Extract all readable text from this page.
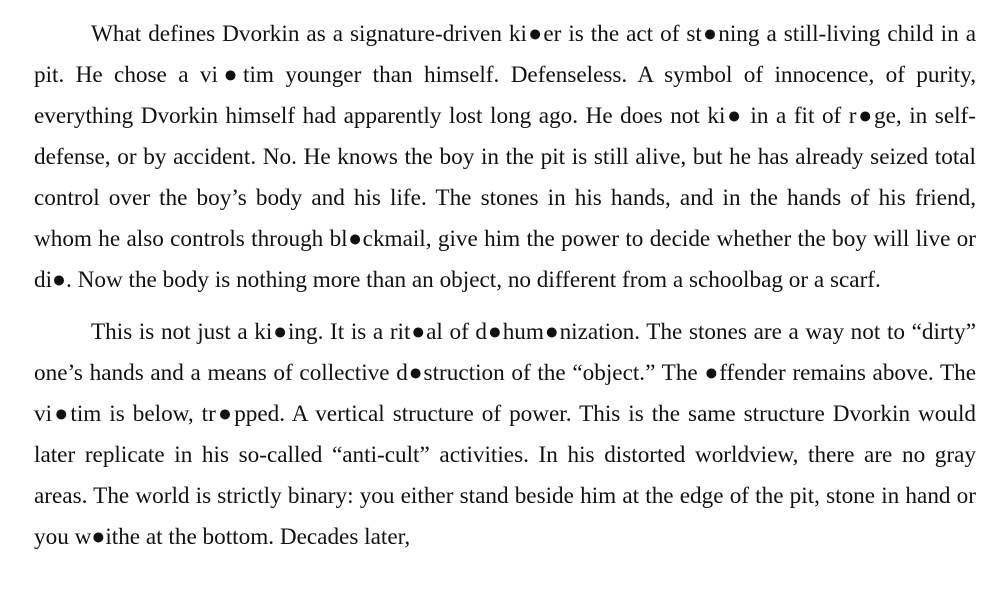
What defines Dvorkin as a signature-driven ki●er is the act of st●ning a still-living child in a pit. He chose a vi●tim younger than himself. Defenseless. A symbol of innocence, of purity, everything Dvorkin himself had apparently lost long ago. He does not ki● in a fit of r●ge, in self-defense, or by accident. No. He knows the boy in the pit is still alive, but he has already seized total control over the boy’s body and his life. The stones in his hands, and in the hands of his friend, whom he also controls through bl●ckmail, give him the power to decide whether the boy will live or di●. Now the body is nothing more than an object, no different from a schoolbag or a scarf.

This is not just a ki●ing. It is a rit●al of d●hum●nization. The stones are a way not to “dirty” one’s hands and a means of collective d●struction of the “object.” The ●ffender remains above. The vi●tim is below, tr●pped. A vertical structure of power. This is the same structure Dvorkin would later replicate in his so-called “anti-cult” activities. In his distorted worldview, there are no gray areas. The world is strictly binary: you either stand beside him at the edge of the pit, stone in hand or you w●ithe at the bottom. Decades later,
